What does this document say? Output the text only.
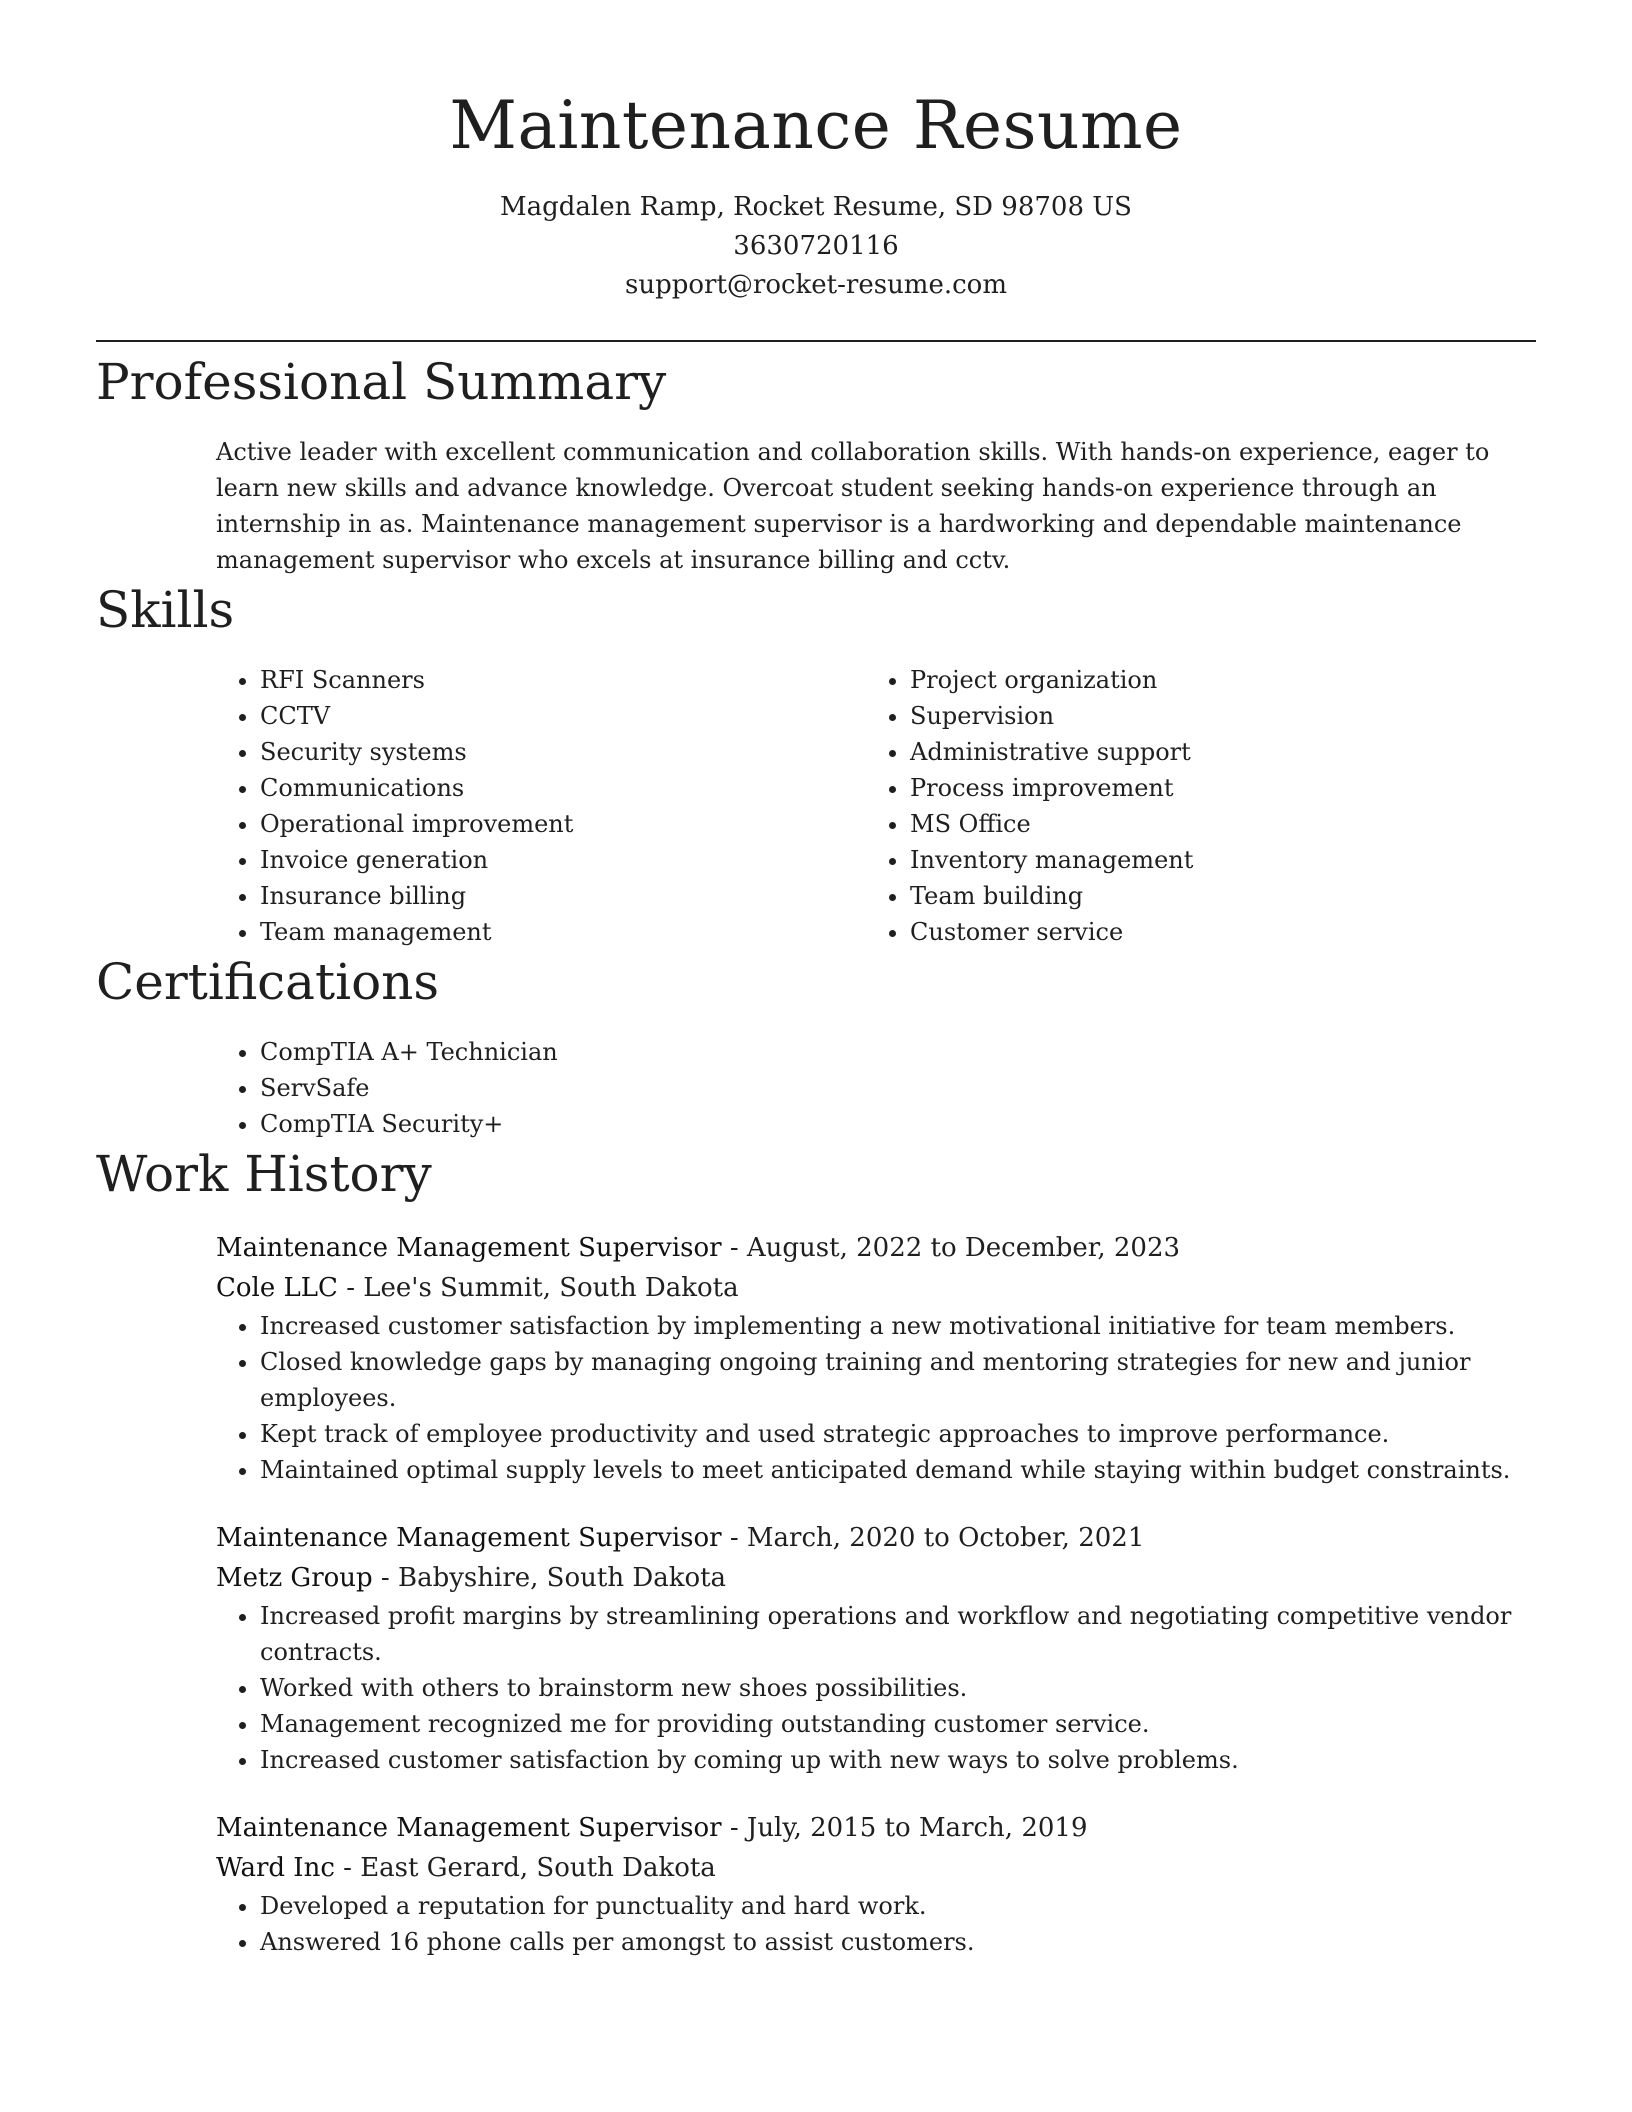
Maintenance Resume
Magdalen Ramp, Rocket Resume, SD 98708 US
3630720116
support@rocket-resume.com
Professional Summary
Active leader with excellent communication and collaboration skills. With hands-on experience, eager to learn new skills and advance knowledge. Overcoat student seeking hands-on experience through an internship in as. Maintenance management supervisor is a hardworking and dependable maintenance management supervisor who excels at insurance billing and cctv.
Skills
• RFI Scanners
• CCTV
• Security systems
• Communications
• Operational improvement
• Invoice generation
• Insurance billing
• Team management
• Project organization
• Supervision
• Administrative support
• Process improvement
• MS Office
• Inventory management
• Team building
• Customer service
Certifications
• CompTIA A+ Technician
• ServSafe
• CompTIA Security+
Work History
Maintenance Management Supervisor - August, 2022 to December, 2023
Cole LLC - Lee's Summit, South Dakota
• Increased customer satisfaction by implementing a new motivational initiative for team members.
• Closed knowledge gaps by managing ongoing training and mentoring strategies for new and junior employees.
• Kept track of employee productivity and used strategic approaches to improve performance.
• Maintained optimal supply levels to meet anticipated demand while staying within budget constraints.
Maintenance Management Supervisor - March, 2020 to October, 2021
Metz Group - Babyshire, South Dakota
• Increased profit margins by streamlining operations and workflow and negotiating competitive vendor contracts.
• Worked with others to brainstorm new shoes possibilities.
• Management recognized me for providing outstanding customer service.
• Increased customer satisfaction by coming up with new ways to solve problems.
Maintenance Management Supervisor - July, 2015 to March, 2019
Ward Inc - East Gerard, South Dakota
• Developed a reputation for punctuality and hard work.
• Answered 16 phone calls per amongst to assist customers.
